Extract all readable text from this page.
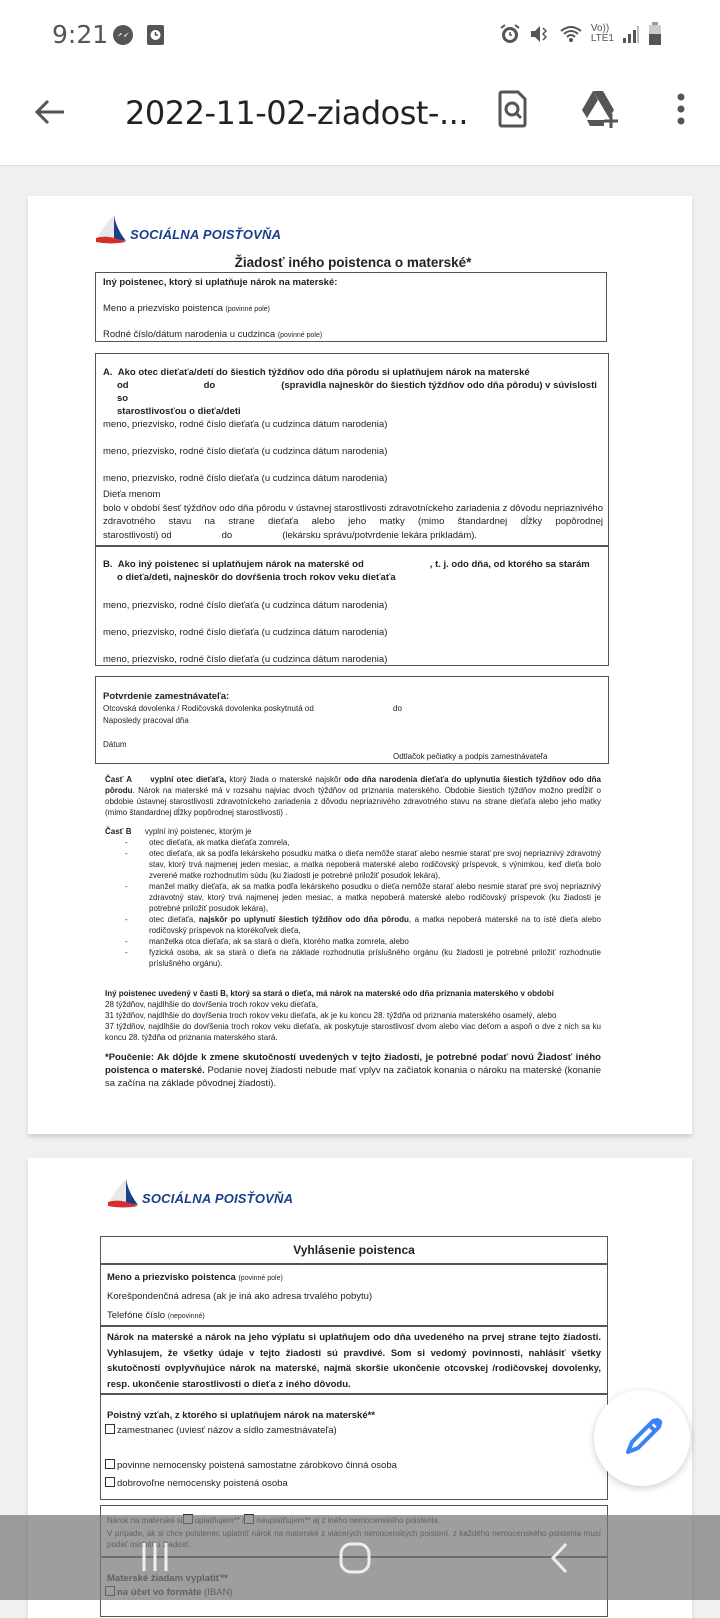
9:21	Vo))
LTE1
2022-11-02-ziadost-...
SOCIÁLNA POISŤOVŇA
Žiadosť iného poistenca o materské*
Iný poistenec, ktorý si uplatňuje nárok na materské:
Meno a priezvisko poistenca (povinné pole)
Rodné číslo/dátum narodenia u cudzinca (povinné pole)
A. Ako otec dieťaťa/detí do šiestich týždňov odo dňa pôrodu si uplatňujem nárok na materské
od	do	(spravidla najneskôr do šiestich týždňov odo dňa pôrodu) v súvislosti so
starostlivosťou o dieťa/deti
meno, priezvisko, rodné číslo dieťaťa (u cudzinca dátum narodenia)
meno, priezvisko, rodné číslo dieťaťa (u cudzinca dátum narodenia)
meno, priezvisko, rodné číslo dieťaťa (u cudzinca dátum narodenia)
Dieťa menom
bolo v období šesť týždňov odo dňa pôrodu v ústavnej starostlivosti zdravotníckeho zariadenia z dôvodu nepriaznivého zdravotného stavu na strane dieťaťa alebo jeho matky (mimo štandardnej dĺžky popôrodnej
starostlivosti) od	do	(lekársku správu/potvrdenie lekára prikladám).
B. Ako iný poistenec si uplatňujem nárok na materské od	, t. j. odo dňa, od ktorého sa starám
o dieťa/deti, najneskôr do dovŕšenia troch rokov veku dieťaťa
meno, priezvisko, rodné číslo dieťaťa (u cudzinca dátum narodenia)
meno, priezvisko, rodné číslo dieťaťa (u cudzinca dátum narodenia)
meno, priezvisko, rodné číslo dieťaťa (u cudzinca dátum narodenia)
Potvrdenie zamestnávateľa:
Otcovská dovolenka / Rodičovská dovolenka poskytnutá od	do
Naposledy pracoval dňa
Dátum
Odtlačok pečiatky a podpis zamestnávateľa
Časť A vyplní otec dieťaťa, ktorý žiada o materské najskôr odo dňa narodenia dieťaťa do uplynutia šiestich týždňov odo dňa pôrodu. Nárok na materské má v rozsahu najviac dvoch týždňov od priznania materského. Obdobie šiestich týždňov možno predĺžiť o obdobie ústavnej starostlivosti zdravotníckeho zariadenia z dôvodu nepriaznivého zdravotného stavu na strane dieťaťa alebo jeho matky (mimo štandardnej dĺžky popôrodnej starostlivosti) .
Časť B vyplní iný poistenec, ktorým je
-	otec dieťaťa, ak matka dieťaťa zomrela,
-	otec dieťaťa, ak sa podľa lekárskeho posudku matka o dieťa nemôže starať alebo nesmie starať pre svoj nepriaznivý zdravotný stav, ktorý trvá najmenej jeden mesiac, a matka nepoberá materské alebo rodičovský príspevok, s výnimkou, keď dieťa bolo zverené matke rozhodnutím súdu (ku žiadosti je potrebné priložiť posudok lekára),
-	manžel matky dieťaťa, ak sa matka podľa lekárskeho posudku o dieťa nemôže starať alebo nesmie starať pre svoj nepriaznivý zdravotný stav, ktorý trvá najmenej jeden mesiac, a matka nepoberá materské alebo rodičovský príspevok (ku žiadosti je potrebné priložiť posudok lekára),
-	otec dieťaťa, najskôr po uplynutí šiestich týždňov odo dňa pôrodu, a matka nepoberá materské na to isté dieťa alebo rodičovský príspevok na ktorékoľvek dieťa,
-	manželka otca dieťaťa, ak sa stará o dieťa, ktorého matka zomrela, alebo
-	fyzická osoba, ak sa stará o dieťa na základe rozhodnutia príslušného orgánu (ku žiadosti je potrebné priložiť rozhodnutie príslušného orgánu).
Iný poistenec uvedený v časti B, ktorý sa stará o dieťa, má nárok na materské odo dňa priznania materského v období
28 týždňov, najdlhšie do dovŕšenia troch rokov veku dieťaťa,
31 týždňov, najdlhšie do dovŕšenia troch rokov veku dieťaťa, ak je ku koncu 28. týždňa od priznania materského osamelý, alebo
37 týždňov, najdlhšie do dovŕšenia troch rokov veku dieťaťa, ak poskytuje starostlivosť dvom alebo viac deťom a aspoň o dve z nich sa ku koncu 28. týždňa od priznania materského stará.
*Poučenie: Ak dôjde k zmene skutočností uvedených v tejto žiadosti, je potrebné podať novú Žiadosť iného poistenca o materské. Podanie novej žiadosti nebude mať vplyv na začiatok konania o nároku na materské (konanie sa začína na základe pôvodnej žiadosti).
SOCIÁLNA POISŤOVŇA
Vyhlásenie poistenca
Meno a priezvisko poistenca (povinné pole)
Korešpondenčná adresa (ak je iná ako adresa trvalého pobytu)
Telefóne číslo (nepovinné)
Nárok na materské a nárok na jeho výplatu si uplatňujem odo dňa uvedeného na prvej strane tejto žiadosti. Vyhlasujem, že všetky údaje v tejto žiadosti sú pravdivé. Som si vedomý povinnosti, nahlásiť všetky skutočnosti ovplyvňujúce nárok na materské, najmä skoršie ukončenie otcovskej /rodičovskej dovolenky, resp. ukončenie starostlivosti o dieťa z iného dôvodu.
Poistný vzťah, z ktorého si uplatňujem nárok na materské**
zamestnanec (uviesť názov a sídlo zamestnávateľa)
povinne nemocensky poistená samostatne zárobkovo činná osoba
dobrovoľne nemocensky poistená osoba
